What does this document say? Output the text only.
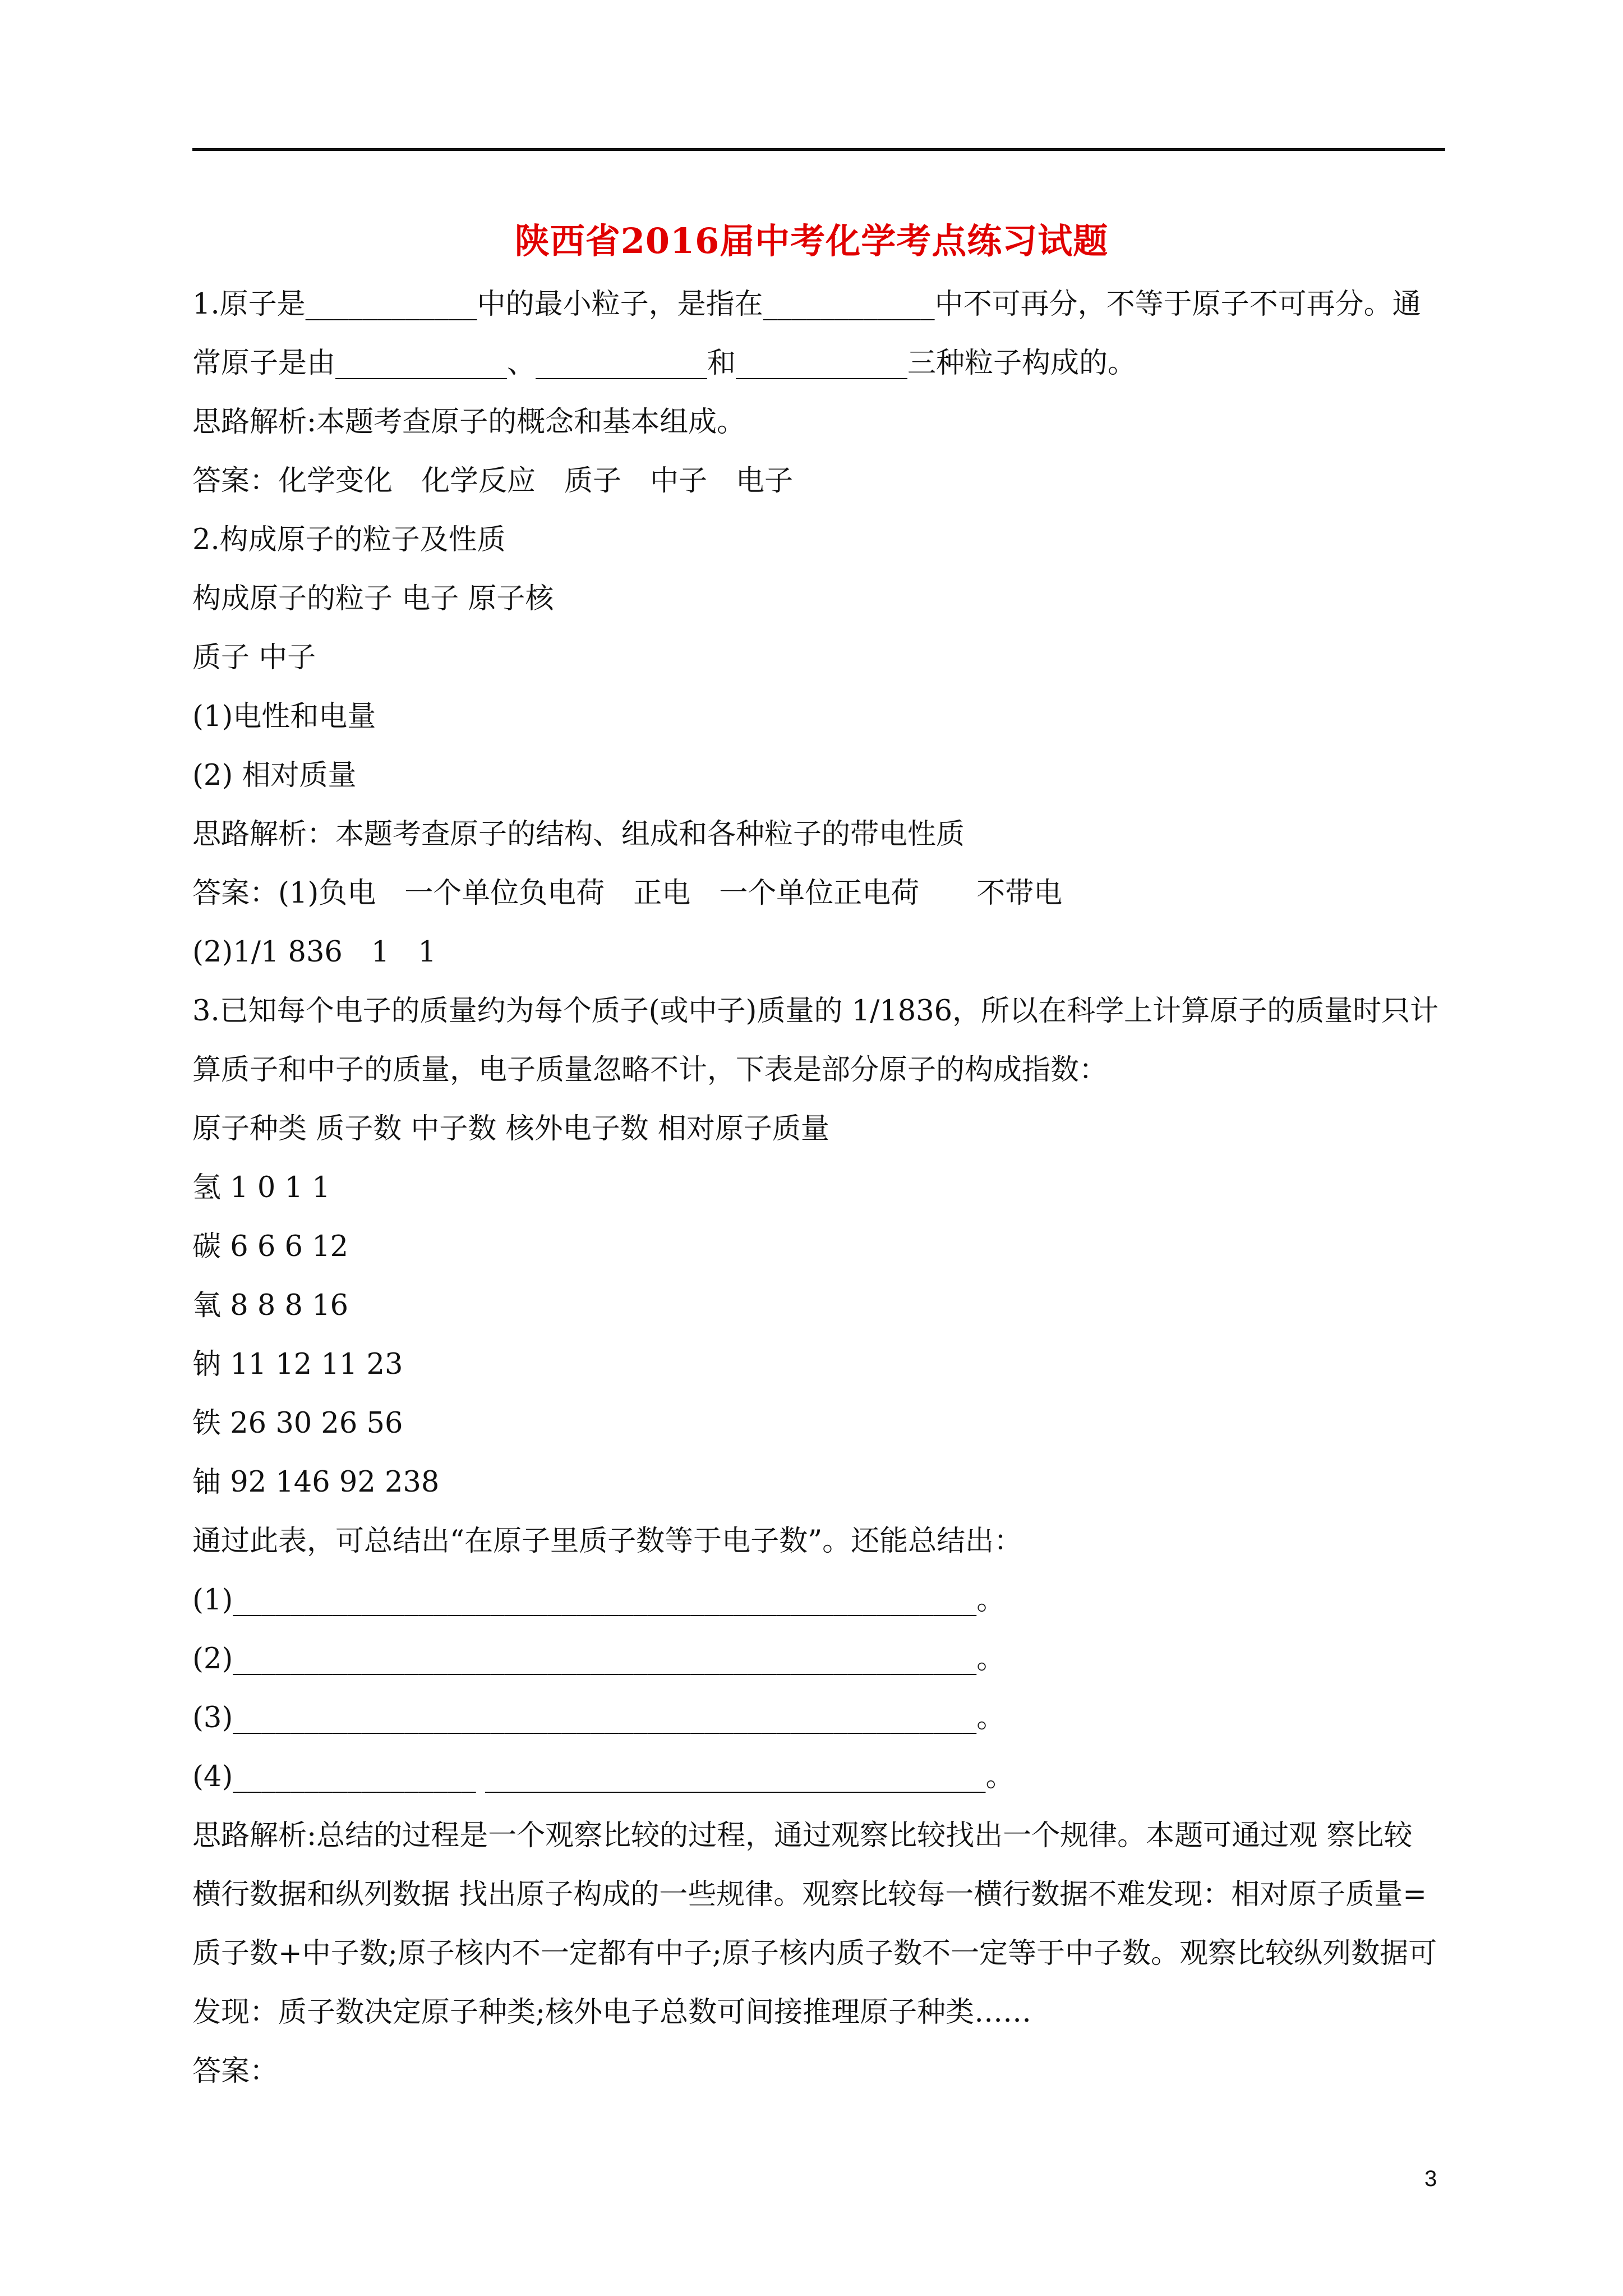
陕西省2016届中考化学考点练习试题
1.原子是____________中的最小粒子，是指在____________中不可再分，不等于原子不可再分。通
常原子是由____________、____________和____________三种粒子构成的。
思路解析:本题考查原子的概念和基本组成。
答案：化学变化　化学反应　质子　中子　电子
2.构成原子的粒子及性质
构成原子的粒子 电子 原子核
质子 中子
(1)电性和电量
(2) 相对质量
思路解析：本题考查原子的结构、组成和各种粒子的带电性质
答案：(1)负电　一个单位负电荷　正电　一个单位正电荷　　不带电
(2)1/1 836　1　1
3.已知每个电子的质量约为每个质子(或中子)质量的 1/1836，所以在科学上计算原子的质量时只计
算质子和中子的质量，电子质量忽略不计，下表是部分原子的构成指数：
原子种类 质子数 中子数 核外电子数 相对原子质量
氢 1 0 1 1
碳 6 6 6 12
氧 8 8 8 16
钠 11 12 11 23
铁 26 30 26 56
铀 92 146 92 238
通过此表，可总结出“在原子里质子数等于电子数”。还能总结出：
(1)____________________________________________________。
(2)____________________________________________________。
(3)____________________________________________________。
(4)_________________ ___________________________________。
思路解析:总结的过程是一个观察比较的过程，通过观察比较找出一个规律。本题可通过观 察比较
横行数据和纵列数据 找出原子构成的一些规律。观察比较每一横行数据不难发现：相对原子质量=
质子数+中子数;原子核内不一定都有中子;原子核内质子数不一定等于中子数。观察比较纵列数据可
发现：质子数决定原子种类;核外电子总数可间接推理原子种类……
答案：
3
